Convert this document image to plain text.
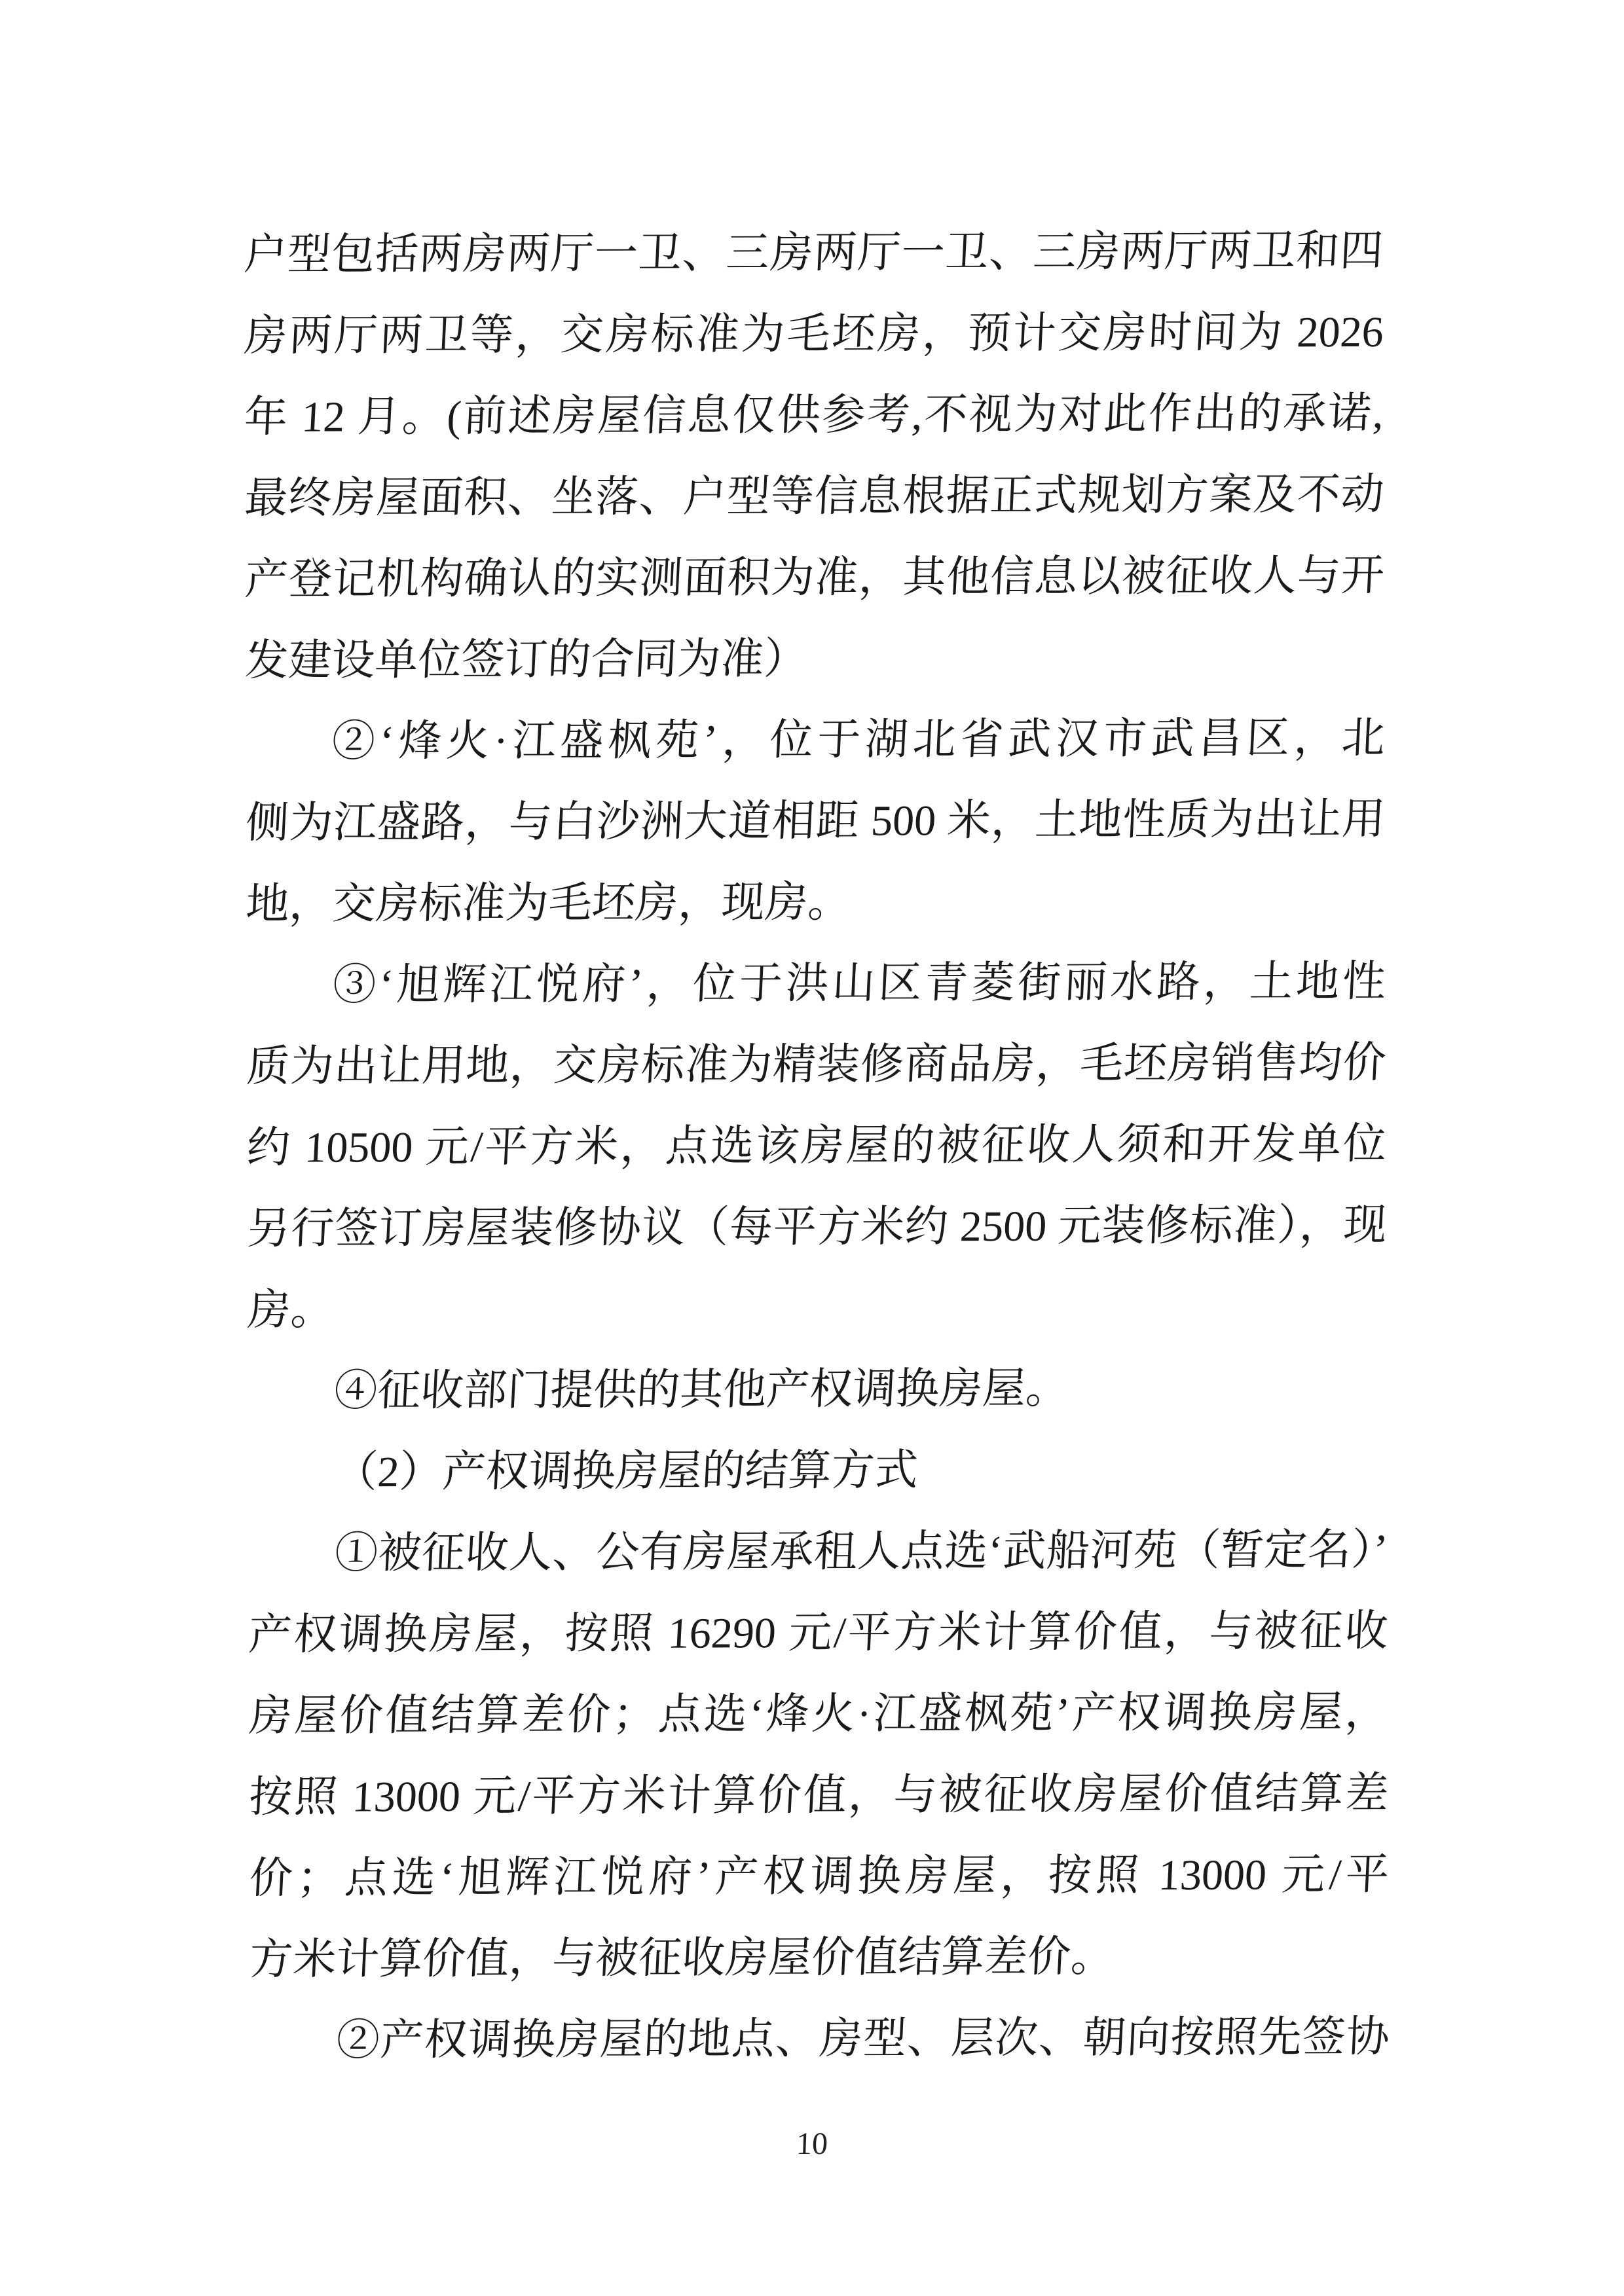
户型包括两房两厅一卫、三房两厅一卫、三房两厅两卫和四
房两厅两卫等，交房标准为毛坯房，预计交房时间为 2026
年 12 月。(前述房屋信息仅供参考,不视为对此作出的承诺,
最终房屋面积、坐落、户型等信息根据正式规划方案及不动
产登记机构确认的实测面积为准，其他信息以被征收人与开
发建设单位签订的合同为准）
②‘烽火·江盛枫苑’，位于湖北省武汉市武昌区，北
侧为江盛路，与白沙洲大道相距 500 米，土地性质为出让用
地，交房标准为毛坯房，现房。
③‘旭辉江悦府’，位于洪山区青菱街丽水路，土地性
质为出让用地，交房标准为精装修商品房，毛坯房销售均价
约 10500 元/平方米，点选该房屋的被征收人须和开发单位
另行签订房屋装修协议（每平方米约 2500 元装修标准），现
房。
④征收部门提供的其他产权调换房屋。
（2）产权调换房屋的结算方式
①被征收人、公有房屋承租人点选‘武船河苑（暂定名）’
产权调换房屋，按照 16290 元/平方米计算价值，与被征收
房屋价值结算差价；点选‘烽火·江盛枫苑’产权调换房屋，
按照 13000 元/平方米计算价值，与被征收房屋价值结算差
价；点选‘旭辉江悦府’产权调换房屋，按照 13000 元/平
方米计算价值，与被征收房屋价值结算差价。
②产权调换房屋的地点、房型、层次、朝向按照先签协
10
